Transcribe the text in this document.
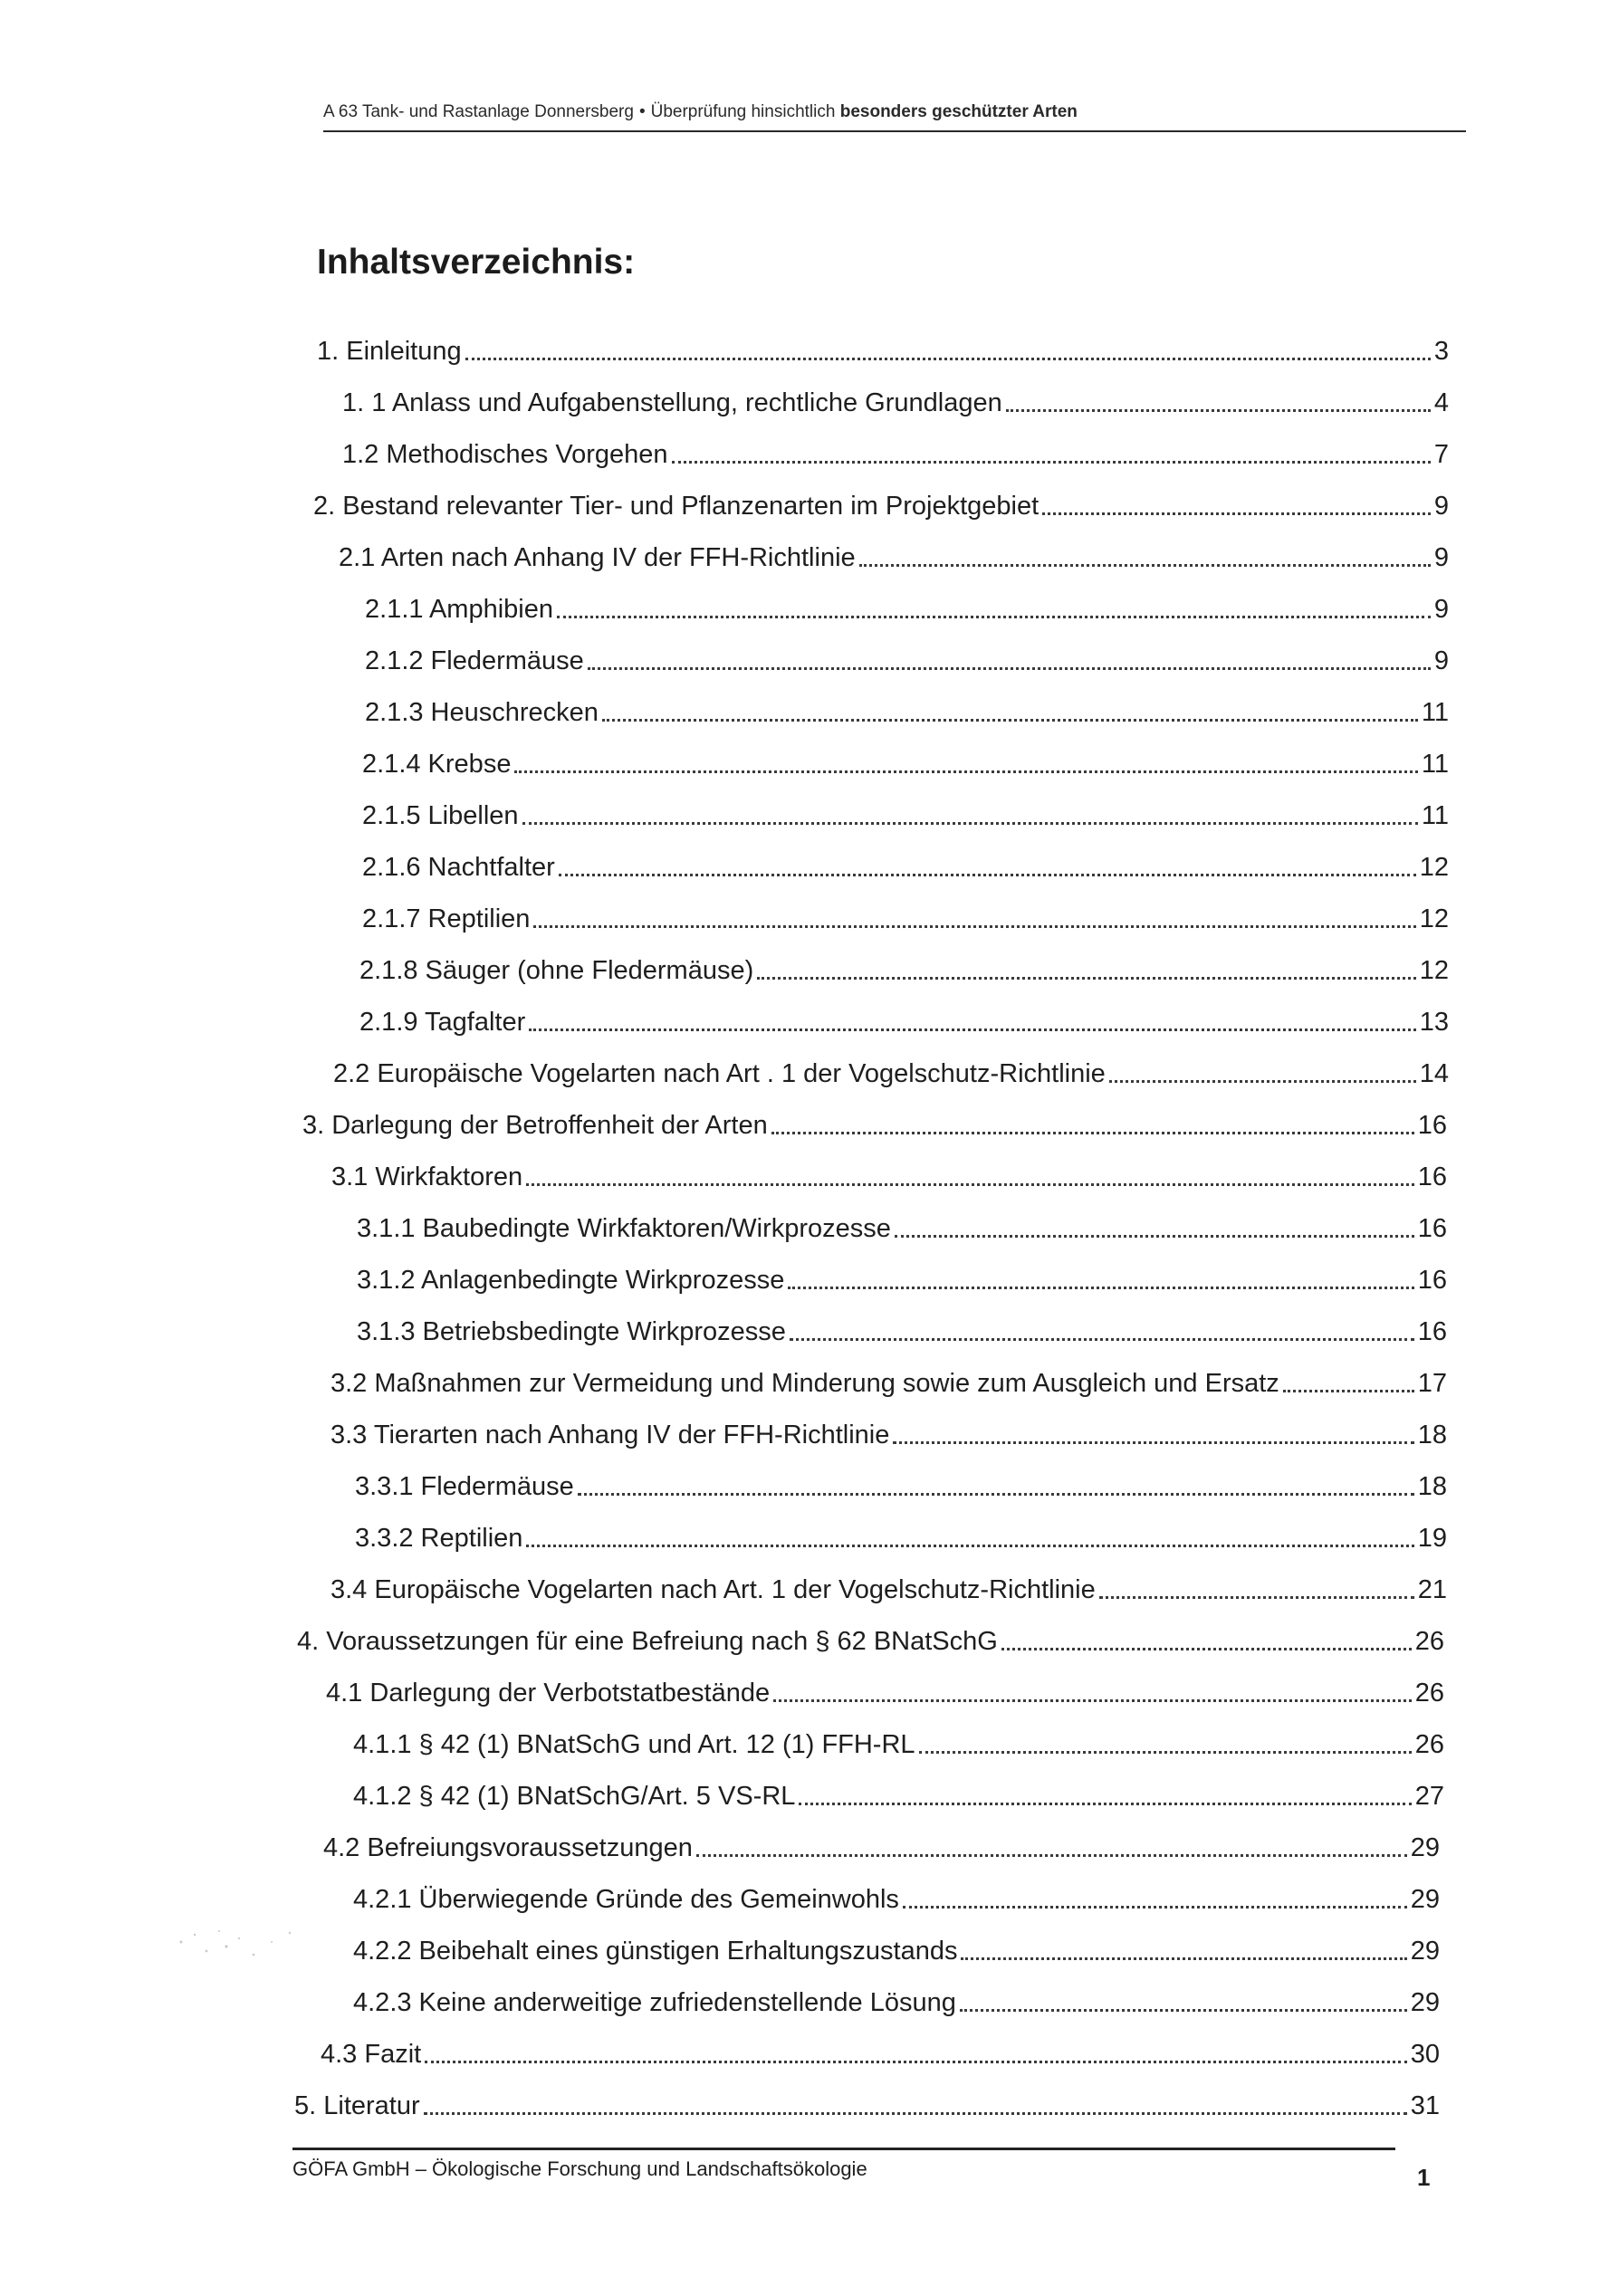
A 63 Tank- und Rastanlage Donnersberg • Überprüfung hinsichtlich besonders geschützter Arten
Inhaltsverzeichnis:
1. Einleitung	3
1. 1 Anlass und Aufgabenstellung, rechtliche Grundlagen	4
1.2 Methodisches Vorgehen	7
2. Bestand relevanter Tier- und Pflanzenarten im Projektgebiet	9
2.1 Arten nach Anhang IV der FFH-Richtlinie	9
2.1.1 Amphibien	9
2.1.2 Fledermäuse	9
2.1.3 Heuschrecken	11
2.1.4 Krebse	11
2.1.5 Libellen	11
2.1.6 Nachtfalter	12
2.1.7 Reptilien	12
2.1.8 Säuger (ohne Fledermäuse)	12
2.1.9 Tagfalter	13
2.2 Europäische Vogelarten nach Art . 1 der Vogelschutz-Richtlinie	14
3. Darlegung der Betroffenheit der Arten	16
3.1 Wirkfaktoren	16
3.1.1 Baubedingte Wirkfaktoren/Wirkprozesse	16
3.1.2 Anlagenbedingte Wirkprozesse	16
3.1.3 Betriebsbedingte Wirkprozesse	16
3.2 Maßnahmen zur Vermeidung und Minderung sowie zum Ausgleich und Ersatz	17
3.3 Tierarten nach Anhang IV der FFH-Richtlinie	18
3.3.1 Fledermäuse	18
3.3.2 Reptilien	19
3.4 Europäische Vogelarten nach Art. 1 der Vogelschutz-Richtlinie	21
4. Voraussetzungen für eine Befreiung nach § 62 BNatSchG	26
4.1 Darlegung der Verbotstatbestände	26
4.1.1 § 42 (1) BNatSchG und Art. 12 (1) FFH-RL	26
4.1.2 § 42 (1) BNatSchG/Art. 5 VS-RL	27
4.2 Befreiungsvoraussetzungen	29
4.2.1 Überwiegende Gründe des Gemeinwohls	29
4.2.2 Beibehalt eines günstigen Erhaltungszustands	29
4.2.3 Keine anderweitige zufriedenstellende Lösung	29
4.3 Fazit	30
5. Literatur	31
GÖFA GmbH – Ökologische Forschung und Landschaftsökologie	1
